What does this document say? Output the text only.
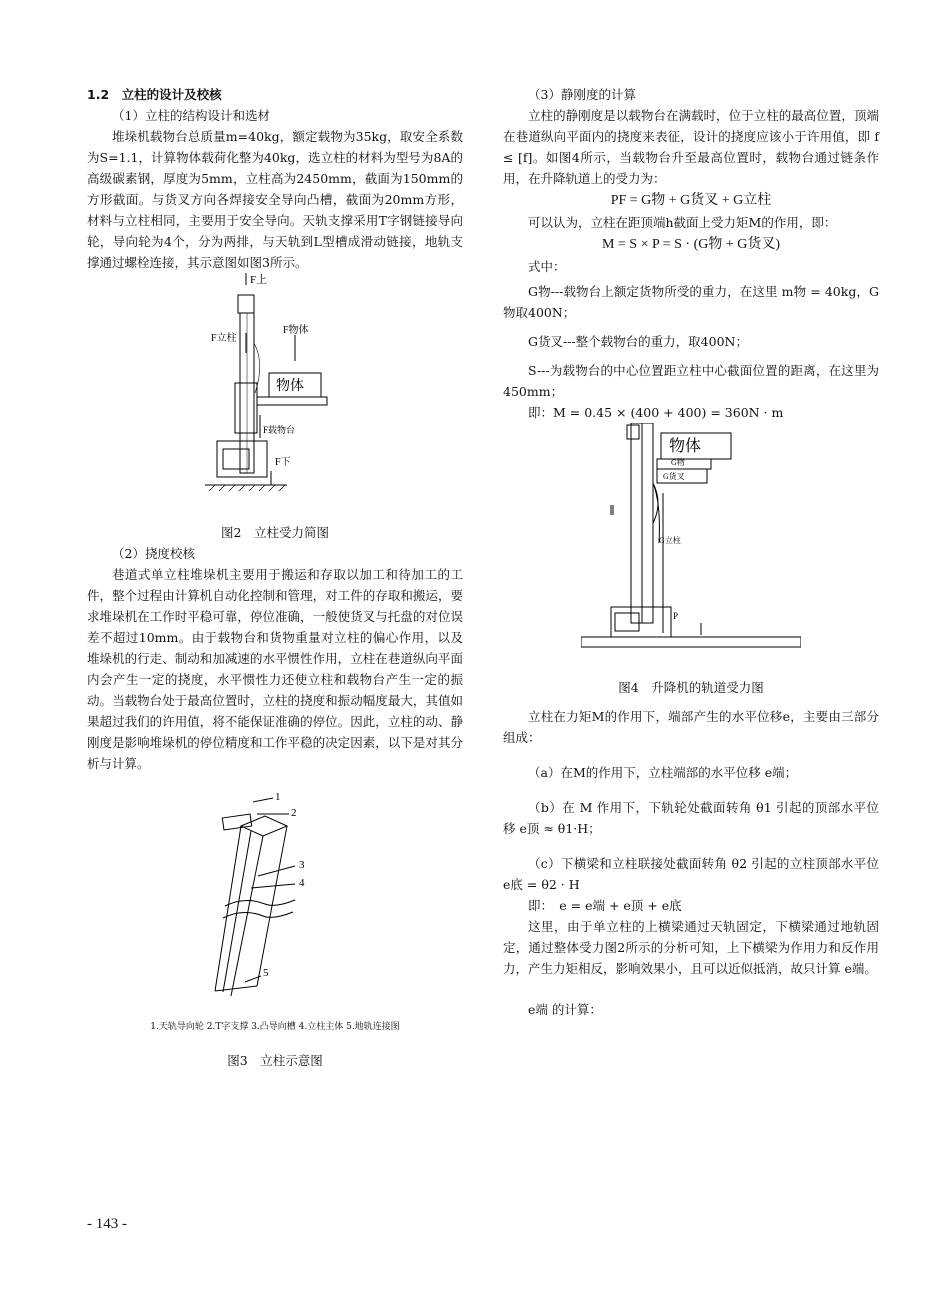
1.2　立柱的设计及校核

（1）立柱的结构设计和选材

堆垛机载物台总质量m=40kg，额定载物为35kg，取安全系数为S=1.1，计算物体载荷化整为40kg，选立柱的材料为型号为8A的高级碳素钢，厚度为5mm，立柱高为2450mm，截面为150mm的方形截面。与货叉方向各焊接安全导向凸槽，截面为20mm方形，材料与立柱相同，主要用于安全导向。天轨支撑采用T字钢链接导向轮，导向轮为4个，分为两排，与天轨到L型槽成滑动链接，地轨支撑通过螺栓连接，其示意图如图3所示。

F上
F立柱
F物体
物体
F载物台
F下

图2　立柱受力简图

（2）挠度校核

巷道式单立柱堆垛机主要用于搬运和存取以加工和待加工的工件，整个过程由计算机自动化控制和管理，对工件的存取和搬运，要求堆垛机在工作时平稳可靠，停位准确，一般使货叉与托盘的对位误差不超过10mm。由于载物台和货物重量对立柱的偏心作用，以及堆垛机的行走、制动和加减速的水平惯性作用，立柱在巷道纵向平面内会产生一定的挠度，水平惯性力还使立柱和载物台产生一定的振动。当载物台处于最高位置时，立柱的挠度和振动幅度最大，其值如果超过我们的许用值，将不能保证准确的停位。因此，立柱的动、静刚度是影响堆垛机的停位精度和工作平稳的决定因素，以下是对其分析与计算。

1
2
3
4
5

1.天轨导向轮 2.T字支撑 3.凸导向槽 4.立柱主体 5.地轨连接图

图3　立柱示意图

（3）静刚度的计算

立柱的静刚度是以载物台在满载时，位于立柱的最高位置，顶端在巷道纵向平面内的挠度来表征，设计的挠度应该小于许用值，即 f ≤ [f]。如图4所示，当载物台升至最高位置时，载物台通过链条作用，在升降轨道上的受力为：

PF = G物 + G货叉 + G立柱

可以认为，立柱在距顶端h截面上受力矩M的作用，即：

M = S × P = S · (G物 + G货叉)

式中：

G物---载物台上额定货物所受的重力，在这里 m物 = 40kg，G物取400N；

G货叉---整个载物台的重力，取400N；

S---为载物台的中心位置距立柱中心截面位置的距离，在这里为450mm；

即：M = 0.45 × (400 + 400) = 360N · m

物体
G物
G货叉
G立柱
P

图4　升降机的轨道受力图

立柱在力矩M的作用下，端部产生的水平位移e，主要由三部分组成：

（a）在M的作用下，立柱端部的水平位移 e端；

（b）在 M 作用下，下轨轮处截面转角 θ1 引起的顶部水平位移 e顶 ≈ θ1·H；

（c）下横梁和立柱联接处截面转角 θ2 引起的立柱顶部水平位 e底 = θ2 · H

即：　e = e端 + e顶 + e底

这里，由于单立柱的上横梁通过天轨固定，下横梁通过地轨固定，通过整体受力图2所示的分析可知，上下横梁为作用力和反作用力，产生力矩相反，影响效果小，且可以近似抵消，故只计算 e端。

e端 的计算：

- 143 -
